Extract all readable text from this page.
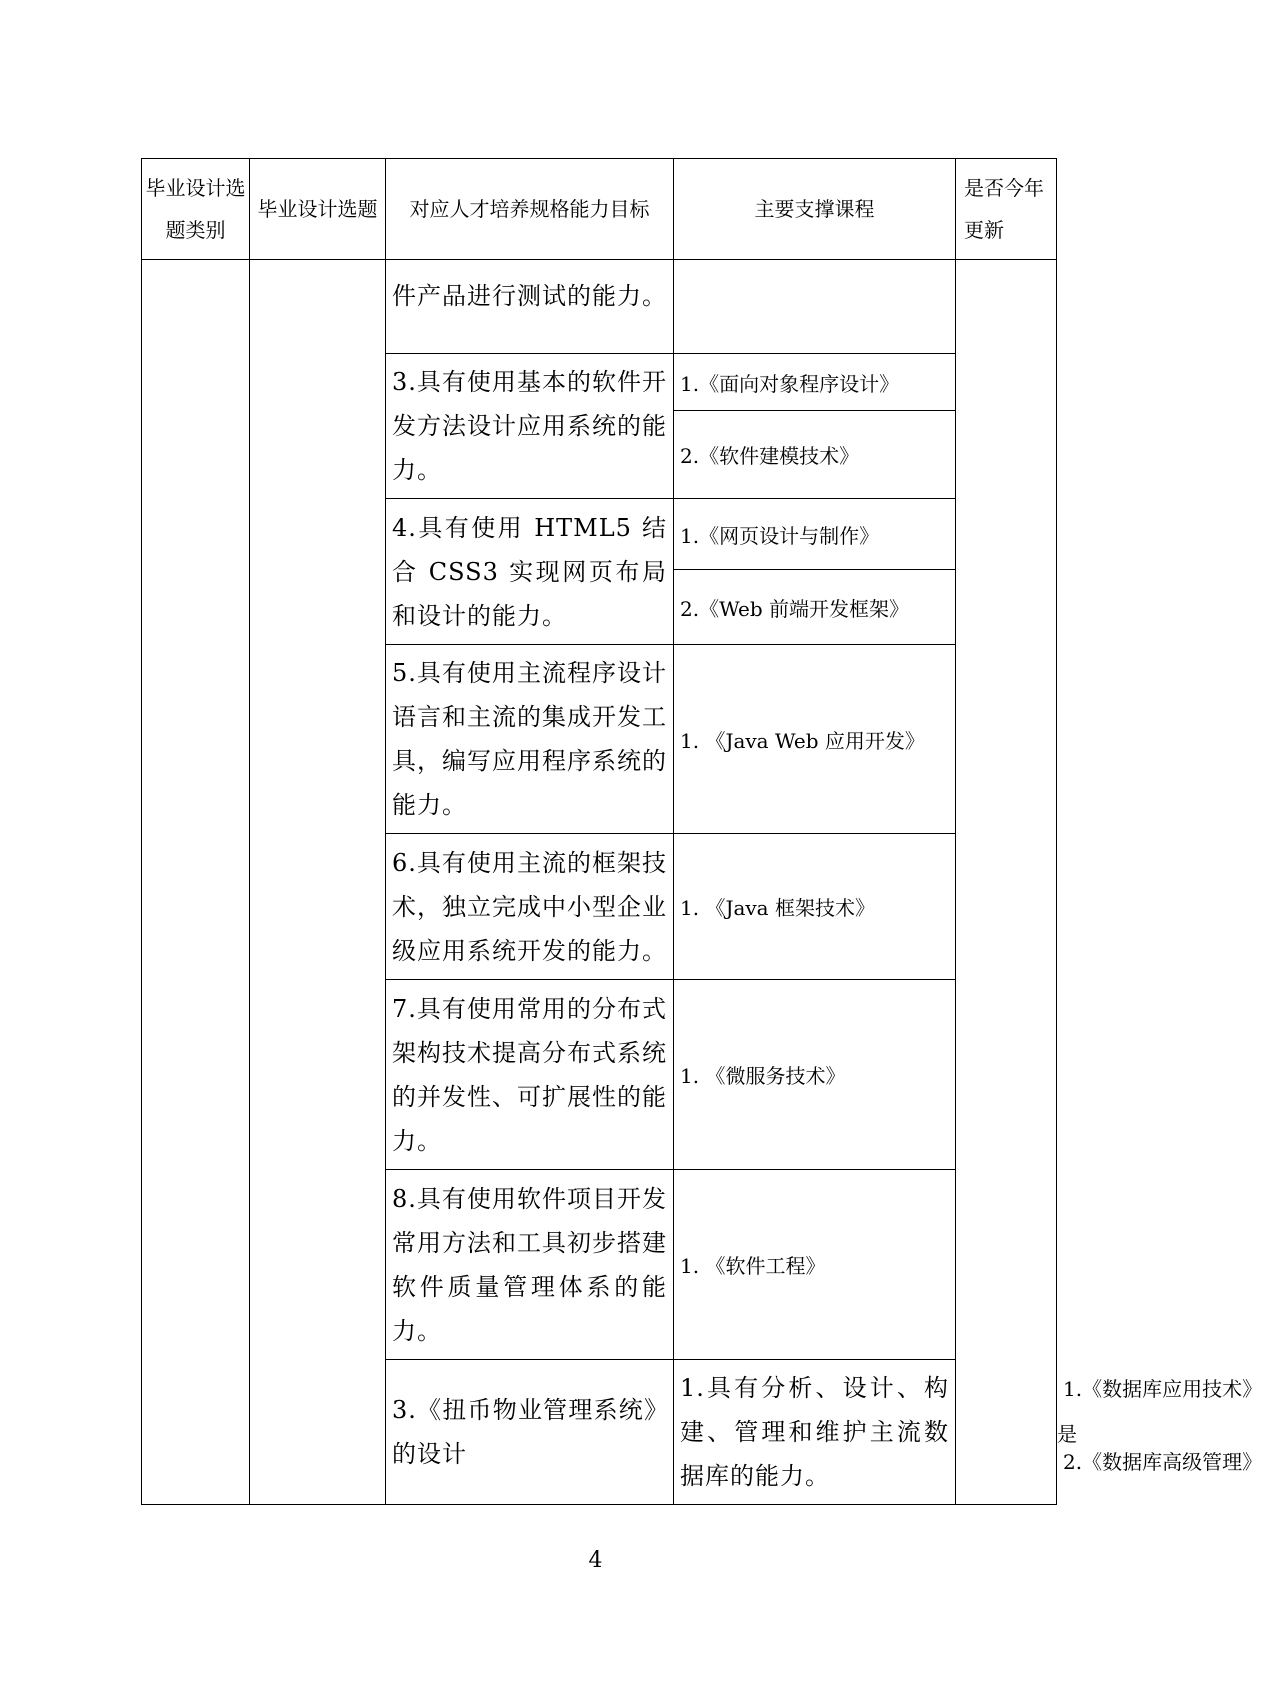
毕业设计选题类别	毕业设计选题	对应人才培养规格能力目标	主要支撑课程	是否今年更新	
		件产品进行测试的能力。			
		3.具有使用基本的软件开发方法设计应用系统的能力。	1.《面向对象程序设计》		
			2.《软件建模技术》		
		4.具有使用 HTML5 结合 CSS3 实现网页布局和设计的能力。	1.《网页设计与制作》		
			2.《Web 前端开发框架》		
		5.具有使用主流程序设计语言和主流的集成开发工具，编写应用程序系统的能力。	1. 《Java Web 应用开发》		
		6.具有使用主流的框架技术，独立完成中小型企业级应用系统开发的能力。	1. 《Java 框架技术》		
		7.具有使用常用的分布式架构技术提高分布式系统的并发性、可扩展性的能力。	1. 《微服务技术》		
		8.具有使用软件项目开发常用方法和工具初步搭建软件质量管理体系的能力。	1. 《软件工程》		
		3.《扭币物业管理系统》的设计	1.具有分析、设计、构建、管理和维护主流数据库的能力。		1.《数据库应用技术》	是
					2.《数据库高级管理》
4
